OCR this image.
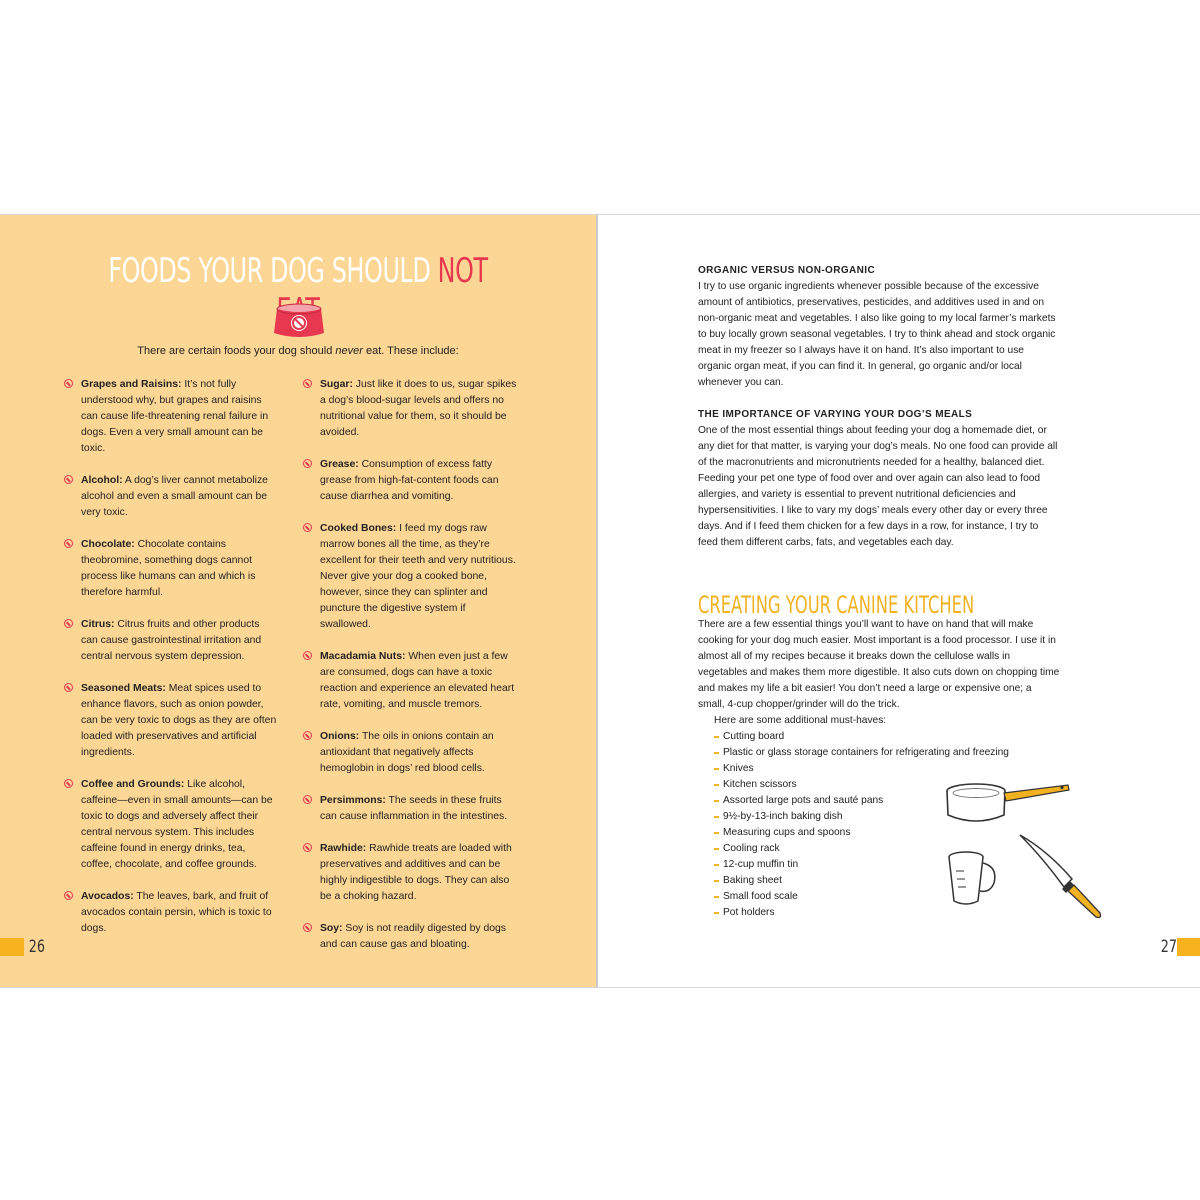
FOODS YOUR DOG SHOULD NOT
There are certain foods your dog should never eat. These include:
Grapes and Raisins: It’s not fully understood why, but grapes and raisins can cause life-threatening renal failure in dogs. Even a very small amount can be toxic.
Alcohol: A dog’s liver cannot metabolize alcohol and even a small amount can be very toxic.
Chocolate: Chocolate contains theobromine, something dogs cannot process like humans can and which is therefore harmful.
Citrus: Citrus fruits and other products can cause gastrointestinal irritation and central nervous system depression.
Seasoned Meats: Meat spices used to enhance flavors, such as onion powder, can be very toxic to dogs as they are often loaded with preservatives and artificial ingredients.
Coffee and Grounds: Like alcohol, caffeine—even in small amounts—can be toxic to dogs and adversely affect their central nervous system. This includes caffeine found in energy drinks, tea, coffee, chocolate, and coffee grounds.
Avocados: The leaves, bark, and fruit of avocados contain persin, which is toxic to dogs.
Sugar: Just like it does to us, sugar spikes a dog’s blood-sugar levels and offers no nutritional value for them, so it should be avoided.
Grease: Consumption of excess fatty grease from high-fat-content foods can cause diarrhea and vomiting.
Cooked Bones: I feed my dogs raw marrow bones all the time, as they’re excellent for their teeth and very nutritious. Never give your dog a cooked bone, however, since they can splinter and puncture the digestive system if swallowed.
Macadamia Nuts: When even just a few are consumed, dogs can have a toxic reaction and experience an elevated heart rate, vomiting, and muscle tremors.
Onions: The oils in onions contain an antioxidant that negatively affects hemoglobin in dogs’ red blood cells.
Persimmons: The seeds in these fruits can cause inflammation in the intestines.
Rawhide: Rawhide treats are loaded with preservatives and additives and can be highly indigestible to dogs. They can also be a choking hazard.
Soy: Soy is not readily digested by dogs and can cause gas and bloating.
26
ORGANIC VERSUS NON-ORGANIC
I try to use organic ingredients whenever possible because of the excessive amount of antibiotics, preservatives, pesticides, and additives used in and on non-organic meat and vegetables. I also like going to my local farmer’s markets to buy locally grown seasonal vegetables. I try to think ahead and stock organic meat in my freezer so I always have it on hand. It’s also important to use organic organ meat, if you can find it. In general, go organic and/or local whenever you can.
THE IMPORTANCE OF VARYING YOUR DOG’S MEALS
One of the most essential things about feeding your dog a homemade diet, or any diet for that matter, is varying your dog’s meals. No one food can provide all of the macronutrients and micronutrients needed for a healthy, balanced diet. Feeding your pet one type of food over and over again can also lead to food allergies, and variety is essential to prevent nutritional deficiencies and hypersensitivities. I like to vary my dogs’ meals every other day or every three days. And if I feed them chicken for a few days in a row, for instance, I try to feed them different carbs, fats, and vegetables each day.
CREATING YOUR CANINE KITCHEN
There are a few essential things you’ll want to have on hand that will make cooking for your dog much easier. Most important is a food processor. I use it in almost all of my recipes because it breaks down the cellulose walls in vegetables and makes them more digestible. It also cuts down on chopping time and makes my life a bit easier! You don’t need a large or expensive one; a small, 4-cup chopper/grinder will do the trick.
Here are some additional must-haves:
Cutting board
Plastic or glass storage containers for refrigerating and freezing
Knives
Kitchen scissors
Assorted large pots and sauté pans
9½-by-13-inch baking dish
Measuring cups and spoons
Cooling rack
12-cup muffin tin
Baking sheet
Small food scale
Pot holders
27
